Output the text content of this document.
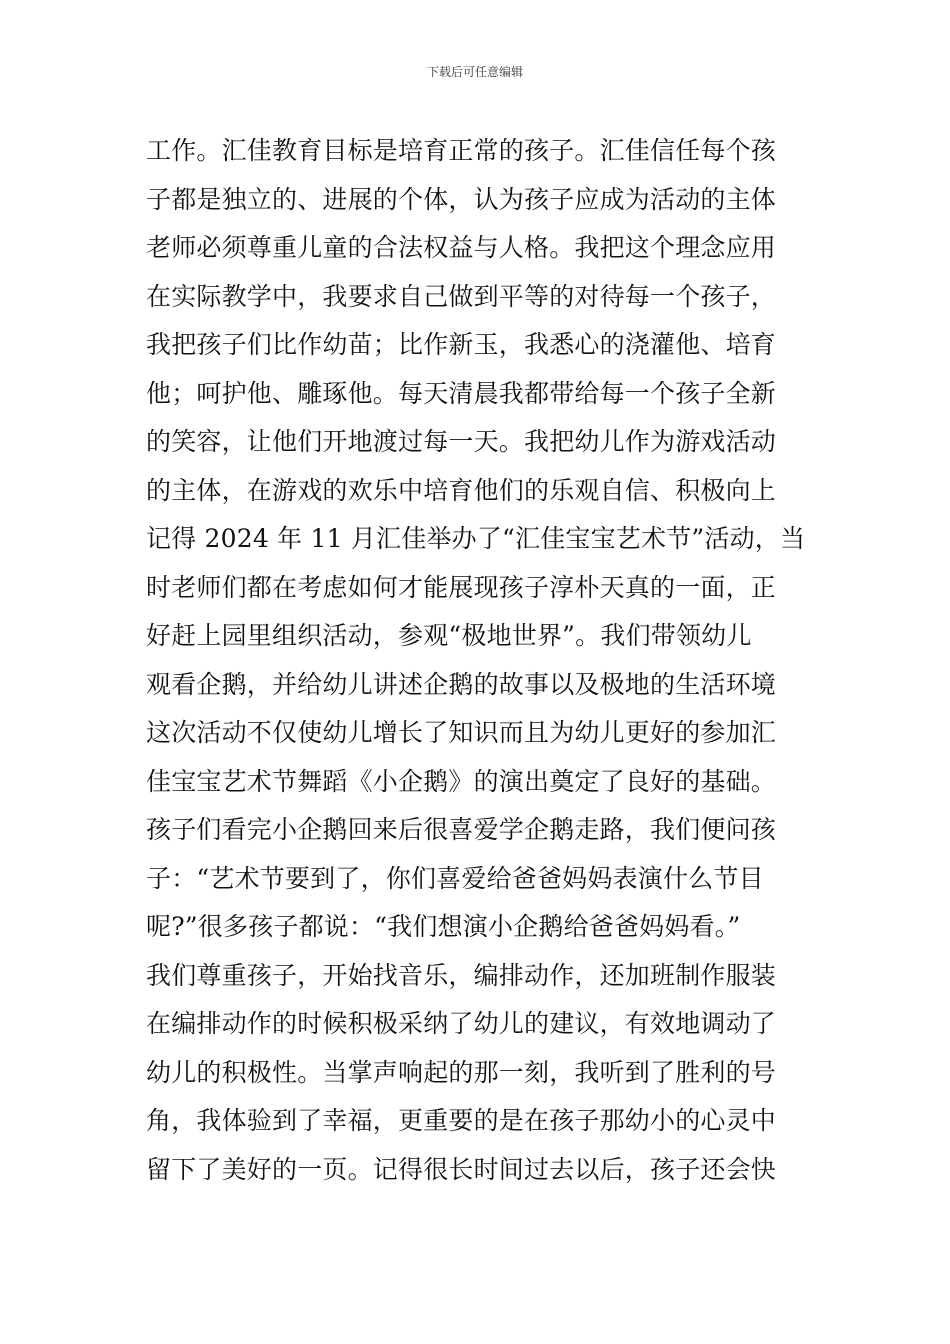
下载后可任意编辑
工作。汇佳教育目标是培育正常的孩子。汇佳信任每个孩
子都是独立的、进展的个体，认为孩子应成为活动的主体
老师必须尊重儿童的合法权益与人格。我把这个理念应用
在实际教学中，我要求自己做到平等的对待每一个孩子，
我把孩子们比作幼苗；比作新玉，我悉心的浇灌他、培育
他；呵护他、雕琢他。每天清晨我都带给每一个孩子全新
的笑容，让他们开地渡过每一天。我把幼儿作为游戏活动
的主体，在游戏的欢乐中培育他们的乐观自信、积极向上
记得 2024 年 11 月汇佳举办了“汇佳宝宝艺术节”活动，当
时老师们都在考虑如何才能展现孩子淳朴天真的一面，正
好赶上园里组织活动，参观“极地世界”。我们带领幼儿
观看企鹅，并给幼儿讲述企鹅的故事以及极地的生活环境
这次活动不仅使幼儿增长了知识而且为幼儿更好的参加汇
佳宝宝艺术节舞蹈《小企鹅》的演出奠定了良好的基础。
孩子们看完小企鹅回来后很喜爱学企鹅走路，我们便问孩
子：“艺术节要到了，你们喜爱给爸爸妈妈表演什么节目
呢?”很多孩子都说：“我们想演小企鹅给爸爸妈妈看。”
我们尊重孩子，开始找音乐，编排动作，还加班制作服装
在编排动作的时候积极采纳了幼儿的建议，有效地调动了
幼儿的积极性。当掌声响起的那一刻，我听到了胜利的号
角，我体验到了幸福，更重要的是在孩子那幼小的心灵中
留下了美好的一页。记得很长时间过去以后，孩子还会快
